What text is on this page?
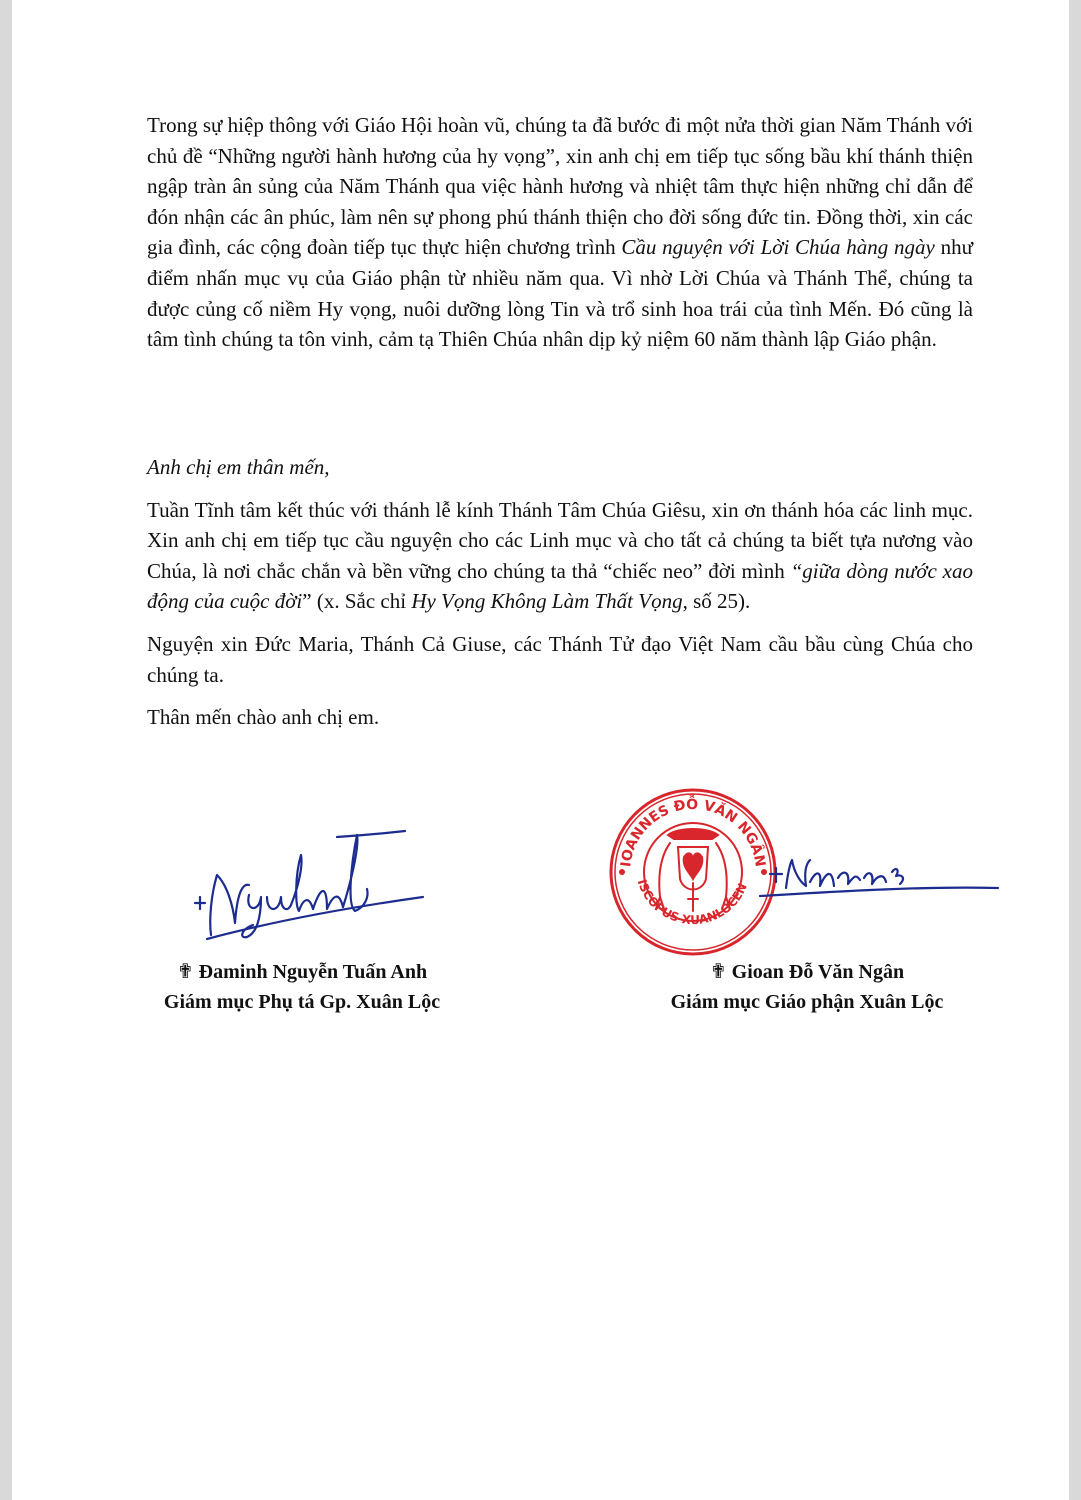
Trong sự hiệp thông với Giáo Hội hoàn vũ, chúng ta đã bước đi một nửa thời gian Năm Thánh với chủ đề “Những người hành hương của hy vọng”, xin anh chị em tiếp tục sống bầu khí thánh thiện ngập tràn ân sủng của Năm Thánh qua việc hành hương và nhiệt tâm thực hiện những chỉ dẫn để đón nhận các ân phúc, làm nên sự phong phú thánh thiện cho đời sống đức tin. Đồng thời, xin các gia đình, các cộng đoàn tiếp tục thực hiện chương trình Cầu nguyện với Lời Chúa hàng ngày như điểm nhấn mục vụ của Giáo phận từ nhiều năm qua. Vì nhờ Lời Chúa và Thánh Thể, chúng ta được củng cố niềm Hy vọng, nuôi dưỡng lòng Tin và trổ sinh hoa trái của tình Mến. Đó cũng là tâm tình chúng ta tôn vinh, cảm tạ Thiên Chúa nhân dịp kỷ niệm 60 năm thành lập Giáo phận.

Anh chị em thân mến,

Tuần Tĩnh tâm kết thúc với thánh lễ kính Thánh Tâm Chúa Giêsu, xin ơn thánh hóa các linh mục. Xin anh chị em tiếp tục cầu nguyện cho các Linh mục và cho tất cả chúng ta biết tựa nương vào Chúa, là nơi chắc chắn và bền vững cho chúng ta thả “chiếc neo” đời mình “giữa dòng nước xao động của cuộc đời” (x. Sắc chỉ Hy Vọng Không Làm Thất Vọng, số 25).

Nguyện xin Đức Maria, Thánh Cả Giuse, các Thánh Tử đạo Việt Nam cầu bầu cùng Chúa cho chúng ta.

Thân mến chào anh chị em.

IOANNES ĐỖ VĂN NGÂN
EPISCOPUS XUANLOCENSIS
✟ Đaminh Nguyễn Tuấn Anh
Giám mục Phụ tá Gp. Xuân Lộc
✟ Gioan Đỗ Văn Ngân
Giám mục Giáo phận Xuân Lộc
